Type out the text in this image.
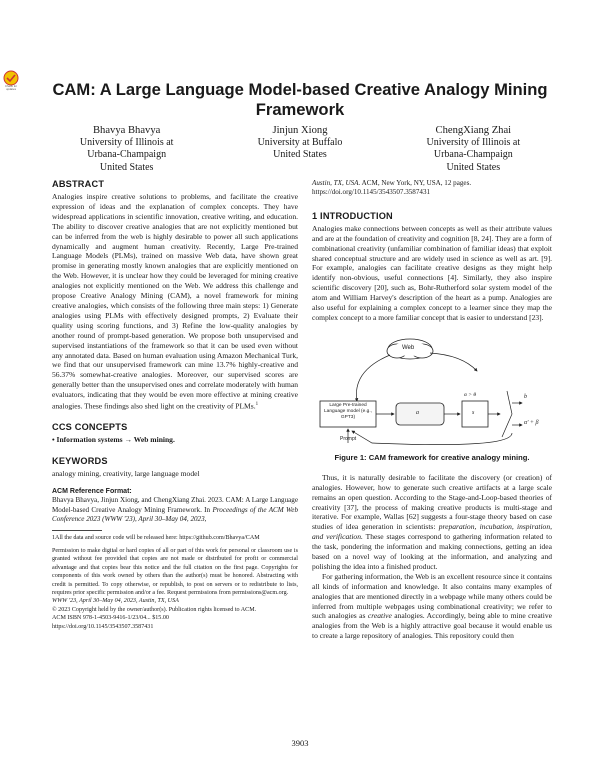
Check for updates	CAM: A Large Language Model-based Creative Analogy Mining Framework
Bhavya Bhavya
University of Illinois at
Urbana-Champaign
United States
Jinjun Xiong
University at Buffalo
United States
ChengXiang Zhai
University of Illinois at
Urbana-Champaign
United States
ABSTRACT

Analogies inspire creative solutions to problems, and facilitate the creative expression of ideas and the explanation of complex concepts. They have widespread applications in scientific innovation, creative writing, and education. The ability to discover creative analogies that are not explicitly mentioned but can be inferred from the web is highly desirable to power all such applications dynamically and augment human creativity. Recently, Large Pre-trained Language Models (PLMs), trained on massive Web data, have shown great promise in generating mostly known analogies that are explicitly mentioned on the Web. However, it is unclear how they could be leveraged for mining creative analogies not explicitly mentioned on the Web. We address this challenge and propose Creative Analogy Mining (CAM), a novel framework for mining creative analogies, which consists of the following three main steps: 1) Generate analogies using PLMs with effectively designed prompts, 2) Evaluate their quality using scoring functions, and 3) Refine the low-quality analogies by another round of prompt-based generation. We propose both unsupervised and supervised instantiations of the framework so that it can be used even without any annotated data. Based on human evaluation using Amazon Mechanical Turk, we find that our unsupervised framework can mine 13.7% highly-creative and 56.37% somewhat-creative analogies. Moreover, our supervised scores are generally better than the unsupervised ones and correlate moderately with human evaluators, indicating that they would be even more effective at mining creative analogies. These findings also shed light on the creativity of PLMs.$^1$

CCS CONCEPTS

• Information systems → Web mining.

KEYWORDS

analogy mining, creativity, large language model

ACM Reference Format:

Bhavya Bhavya, Jinjun Xiong, and ChengXiang Zhai. 2023. CAM: A Large Language Model-based Creative Analogy Mining Framework. In Proceedings of the ACM Web Conference 2023 (WWW '23), April 30–May 04, 2023,

1All the data and source code will be released here: https://github.com/Bhavya/CAM

Permission to make digital or hard copies of all or part of this work for personal or classroom use is granted without fee provided that copies are not made or distributed for profit or commercial advantage and that copies bear this notice and the full citation on the first page. Copyrights for components of this work owned by others than the author(s) must be honored. Abstracting with credit is permitted. To copy otherwise, or republish, to post on servers or to redistribute to lists, requires prior specific permission and/or a fee. Request permissions from permissions@acm.org.

WWW '23, April 30–May 04, 2023, Austin, TX, USA

© 2023 Copyright held by the owner/author(s). Publication rights licensed to ACM.

ACM ISBN 978-1-4503-9416-1/23/04... $15.00

https://doi.org/10.1145/3543507.3587431

Austin, TX, USA. ACM, New York, NY, USA, 12 pages. https://doi.org/10.1145/3543507.3587431

1 INTRODUCTION

Analogies make connections between concepts as well as their attribute values and are at the foundation of creativity and cognition [8, 24]. They are a form of combinational creativity (unfamiliar combination of familiar ideas) that exploit shared conceptual structure and are widely used in science as well as art. [9]. For example, analogies can facilitate creative designs as they might help identify non-obvious, useful connections [4]. Similarly, they also inspire scientific discovery [20], such as, Bohr-Rutherford solar system model of the atom and William Harvey's description of the heart as a pump. Analogies are also useful for explaining a complex concept to a learner since they map the complex concept to a more familiar concept that is easier to understand [23].

Web
Large Pre-trained Language model (e.g., GPT3)
Prompt
a	s
α > θ	b
α' + β
Figure 1: CAM framework for creative analogy mining.

Thus, it is naturally desirable to facilitate the discovery (or creation) of analogies. However, how to generate such creative artifacts at a large scale remains an open question. According to the Stage-and-Loop-based theories of creativity [37], the process of making creative products is multi-stage and iterative. For example, Wallas [62] suggests a four-stage theory based on case studies of idea generation in scientists: preparation, incubation, inspiration, and verification. These stages correspond to gathering information related to the task, pondering the information and making connections, getting an idea based on a novel way of looking at the information, and analyzing and polishing the idea into a finished product.

For gathering information, the Web is an excellent resource since it contains all kinds of information and knowledge. It also contains many examples of analogies that are mentioned directly in a webpage while many others could be inferred from multiple webpages using combinational creativity; we refer to such analogies as creative analogies. Accordingly, being able to mine creative analogies from the Web is a highly attractive goal because it would enable us to create a large repository of analogies. This repository could then

3903
